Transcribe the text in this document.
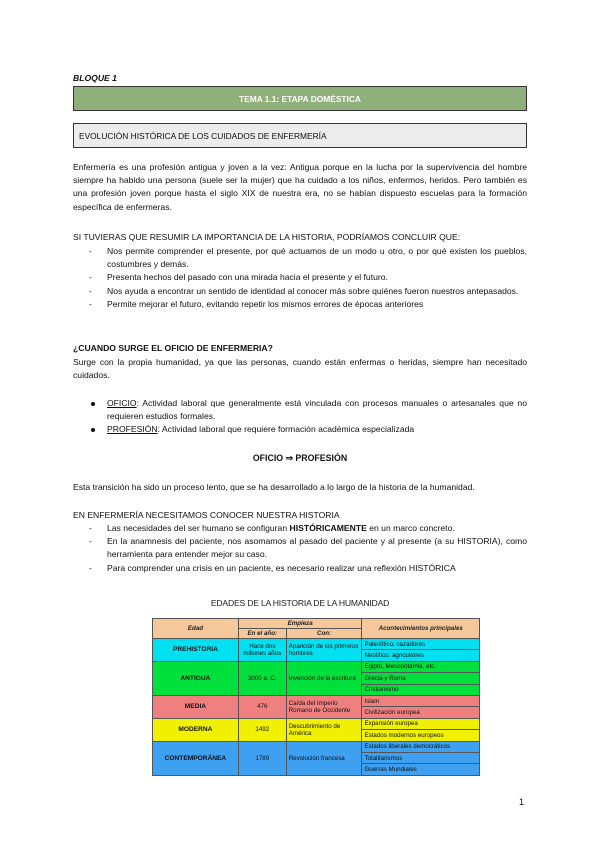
BLOQUE 1
TEMA 1.1: ETAPA DOMÉSTICA
EVOLUCIÓN HISTÓRICA DE LOS CUIDADOS DE ENFERMERÍA

Enfermería es una profesión antigua y joven a la vez: Antigua porque en la lucha por la supervivencia del hombre siempre ha habido una persona (suele ser la mujer) que ha cuidado a los niños, enfermos, heridos. Pero también es una profesión joven porque hasta el siglo XIX de nuestra era, no se habían dispuesto escuelas para la formación específica de enfermeras.

SI TUVIERAS QUE RESUMIR LA IMPORTANCIA DE LA HISTORIA, PODRÍAMOS CONCLUIR QUE:

- Nos permite comprender el presente, por qué actuamos de un modo u otro, o por qué existen los pueblos, costumbres y demás.
- Presenta hechos del pasado con una mirada hacia el presente y el futuro.
- Nos ayuda a encontrar un sentido de identidad al conocer más sobre quiénes fueron nuestros antepasados.
- Permite mejorar el futuro, evitando repetir los mismos errores de épocas anteriores

¿CUANDO SURGE EL OFICIO DE ENFERMERIA?

Surge con la propia humanidad, ya que las personas, cuando están enfermas o heridas, siempre han necesitado cuidados.

OFICIO: Actividad laboral que generalmente está vinculada con procesos manuales o artesanales que no requieren estudios formales.
PROFESIÓN: Actividad laboral que requiere formación académica especializada
OFICIO ⇒ PROFESIÓN

Esta transición ha sido un proceso lento, que se ha desarrollado a lo largo de la historia de la humanidad.

EN ENFERMERÍA NECESITAMOS CONOCER NUESTRA HISTORIA

- Las necesidades del ser humano se configuran HISTÓRICAMENTE en un marco concreto.
- En la anamnesis del paciente, nos asomamos al pasado del paciente y al presente (a su HISTORIA), como herramienta para entender mejor su caso.
- Para comprender una crisis en un paciente, es necesario realizar una reflexión HISTÓRICA
EDADES DE LA HISTORIA DE LA HUMANIDAD
Edad	Empieza		Acontecimientos principales
	En el año:	Con:	
PREHISTORIA	Hace dos millones años	Aparición de los primeros hombres	Paleolítico: cazadores
			Neolítico: agricultores
ANTIGUA	3000 a. C.	Invención de la escritura	Egipto, Mesopotamia, etc.
			Grecia y Roma
			Cristianismo
MEDIA	476	Caída del Imperio Romano de Occidente	Islam
			Civilización europea
MODERNA	1492	Descubrimiento de América	Expansión europea
			Estados modernos europeos
CONTEMPORÁNEA	1789	Revolución francesa	Estados liberales democráticos
			Totalitarismos
			Guerras Mundiales
1
